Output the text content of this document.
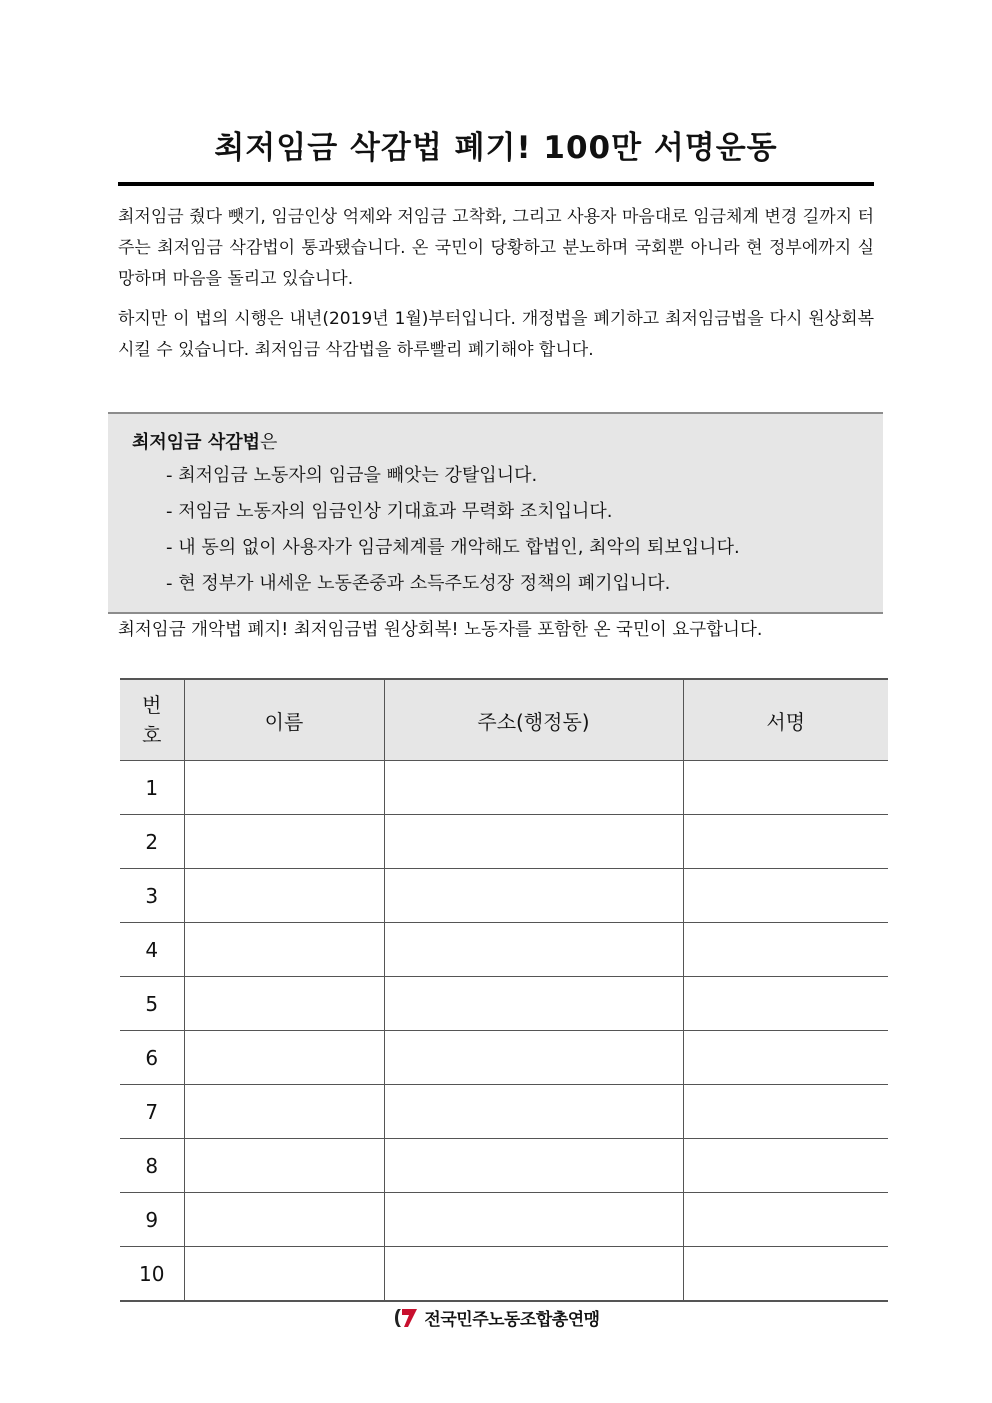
최저임금 삭감법 폐기! 100만 서명운동

최저임금 줬다 뺏기, 임금인상 억제와 저임금 고착화, 그리고 사용자 마음대로 임금체계 변경 길까지 터주는 최저임금 삭감법이 통과됐습니다. 온 국민이 당황하고 분노하며 국회뿐 아니라 현 정부에까지 실망하며 마음을 돌리고 있습니다.

하지만 이 법의 시행은 내년(2019년 1월)부터입니다. 개정법을 폐기하고 최저임금법을 다시 원상회복 시킬 수 있습니다. 최저임금 삭감법을 하루빨리 폐기해야 합니다.

최저임금 삭감법은
- 최저임금 노동자의 임금을 빼앗는 강탈입니다.
- 저임금 노동자의 임금인상 기대효과 무력화 조치입니다.
- 내 동의 없이 사용자가 임금체계를 개악해도 합법인, 최악의 퇴보입니다.
- 현 정부가 내세운 노동존중과 소득주도성장 정책의 폐기입니다.
최저임금 개악법 폐지! 최저임금법 원상회복! 노동자를 포함한 온 국민이 요구합니다.
번
호	이름	주소(행정동)	서명
1			
2			
3			
4			
5			
6			
7			
8			
9			
10			
전국민주노동조합총연맹
